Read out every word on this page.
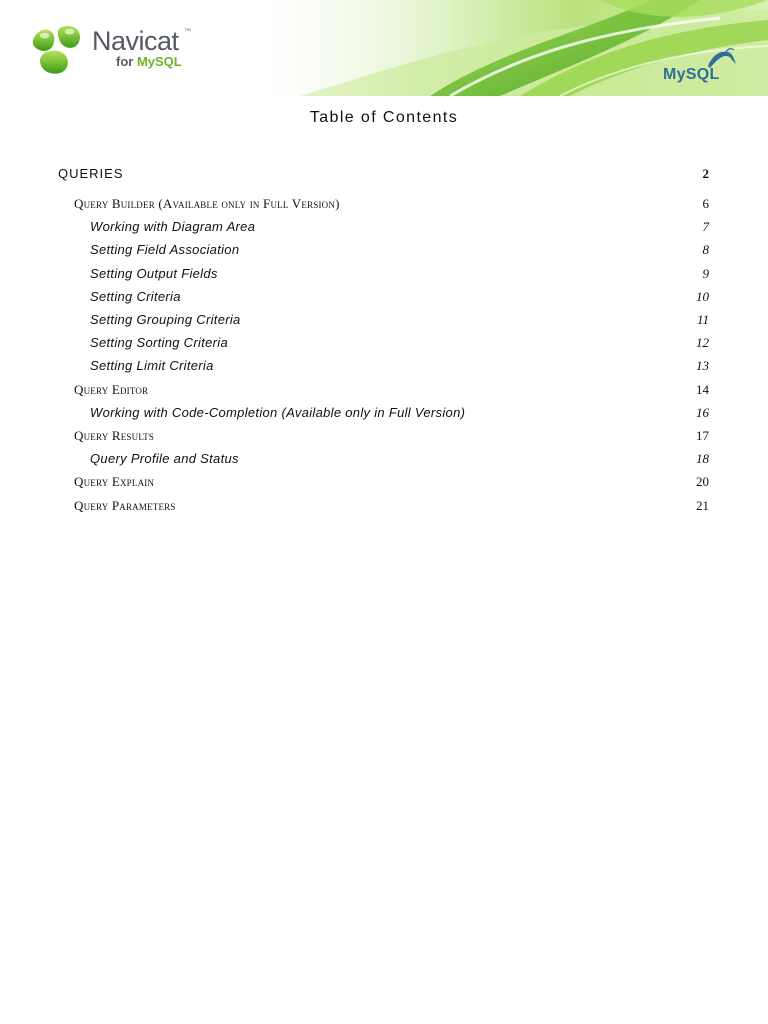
Navicat ™
for MySQL
MySQL
Table of Contents
QUERIES	2
Query Builder (Available only in Full Version)	6
Working with Diagram Area	7
Setting Field Association	8
Setting Output Fields	9
Setting Criteria	10
Setting Grouping Criteria	11
Setting Sorting Criteria	12
Setting Limit Criteria	13
Query Editor	14
Working with Code-Completion (Available only in Full Version)	16
Query Results	17
Query Profile and Status	18
Query Explain	20
Query Parameters	21
